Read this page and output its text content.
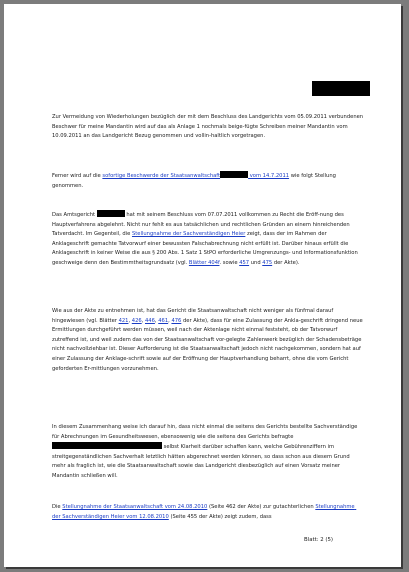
Zur Vermeidung von Wiederholungen bezüglich der mit dem Beschluss des Landgerichts vom 05.09.2011 verbundenen Beschwer für meine Mandantin wird auf das als Anlage 1 nochmals beige-fügte Schreiben meiner Mandantin vom 10.09.2011 an das Landgericht Bezug genommen und vollin-haltlich vorgetragen.

Ferner wird auf die sofortige Beschwerde der Staatsanwaltschaft	vom 14.7.2011 wie folgt Stellung genommen.

Das Amtsgericht	hat mit seinem Beschluss vom 07.07.2011 vollkommen zu Recht die Eröff-nung des Hauptverfahrens abgelehnt. Nicht nur fehlt es aus tatsächlichen und rechtlichen Gründen an einem hinreichenden Tatverdacht. Im Gegenteil, die Stellungnahme der Sachverständigen Heier zeigt, dass der im Rahmen der Anklageschrift gemachte Tatvorwurf einer bewussten Falschabrechnung nicht erfüllt ist. Darüber hinaus erfüllt die Anklageschrift in keiner Weise die aus § 200 Abs. 1 Satz 1 StPO erforderliche Umgrenzungs- und Informationsfunktion geschweige denn den Bestimmtheitsgrundsatz (vgl. Blätter 404f. sowie 457 und 475 der Akte).

Wie aus der Akte zu entnehmen ist, hat das Gericht die Staatsanwaltschaft nicht weniger als fünfmal darauf hingewiesen (vgl. Blätter 421, 426, 446, 461, 476 der Akte), dass für eine Zulassung der Ankla-geschrift dringend neue Ermittlungen durchgeführt werden müssen, weil nach der Aktenlage nicht einmal feststeht, ob der Tatvorwurf zutreffend ist, und weil zudem das von der Staatsanwaltschaft vor-gelegte Zahlenwerk bezüglich der Schadensbeträge nicht nachvollziehbar ist. Dieser Aufforderung ist die Staatsanwaltschaft jedoch nicht nachgekommen, sondern hat auf einer Zulassung der Anklage-schrift sowie auf der Eröffnung der Hauptverhandlung beharrt, ohne die vom Gericht geforderten Er-mittlungen vorzunehmen.

In diesem Zusammenhang weise ich darauf hin, dass nicht einmal die seitens des Gerichts bestellte Sachverständige für Abrechnungen im Gesundheitswesen, ebensowenig wie die seitens des Gerichts befragte  selbst Klarheit darüber schaffen kann, welche Gebührenziffern im streitgegenständlichen Sachverhalt letztlich hätten abgerechnet werden können, so dass schon aus diesem Grund mehr als fraglich ist, wie die Staatsanwaltschaft sowie das Landgericht diesbezüglich auf einen Vorsatz meiner Mandantin schließen will.

Die Stellungnahme der Staatsanwaltschaft vom 24.08.2010 (Seite 462 der Akte) zur gutachterlichen Stellungnahme der Sachverständigen Heier vom 12.08.2010 (Seite 455 der Akte) zeigt zudem, dass

Blatt: 2 (5)
